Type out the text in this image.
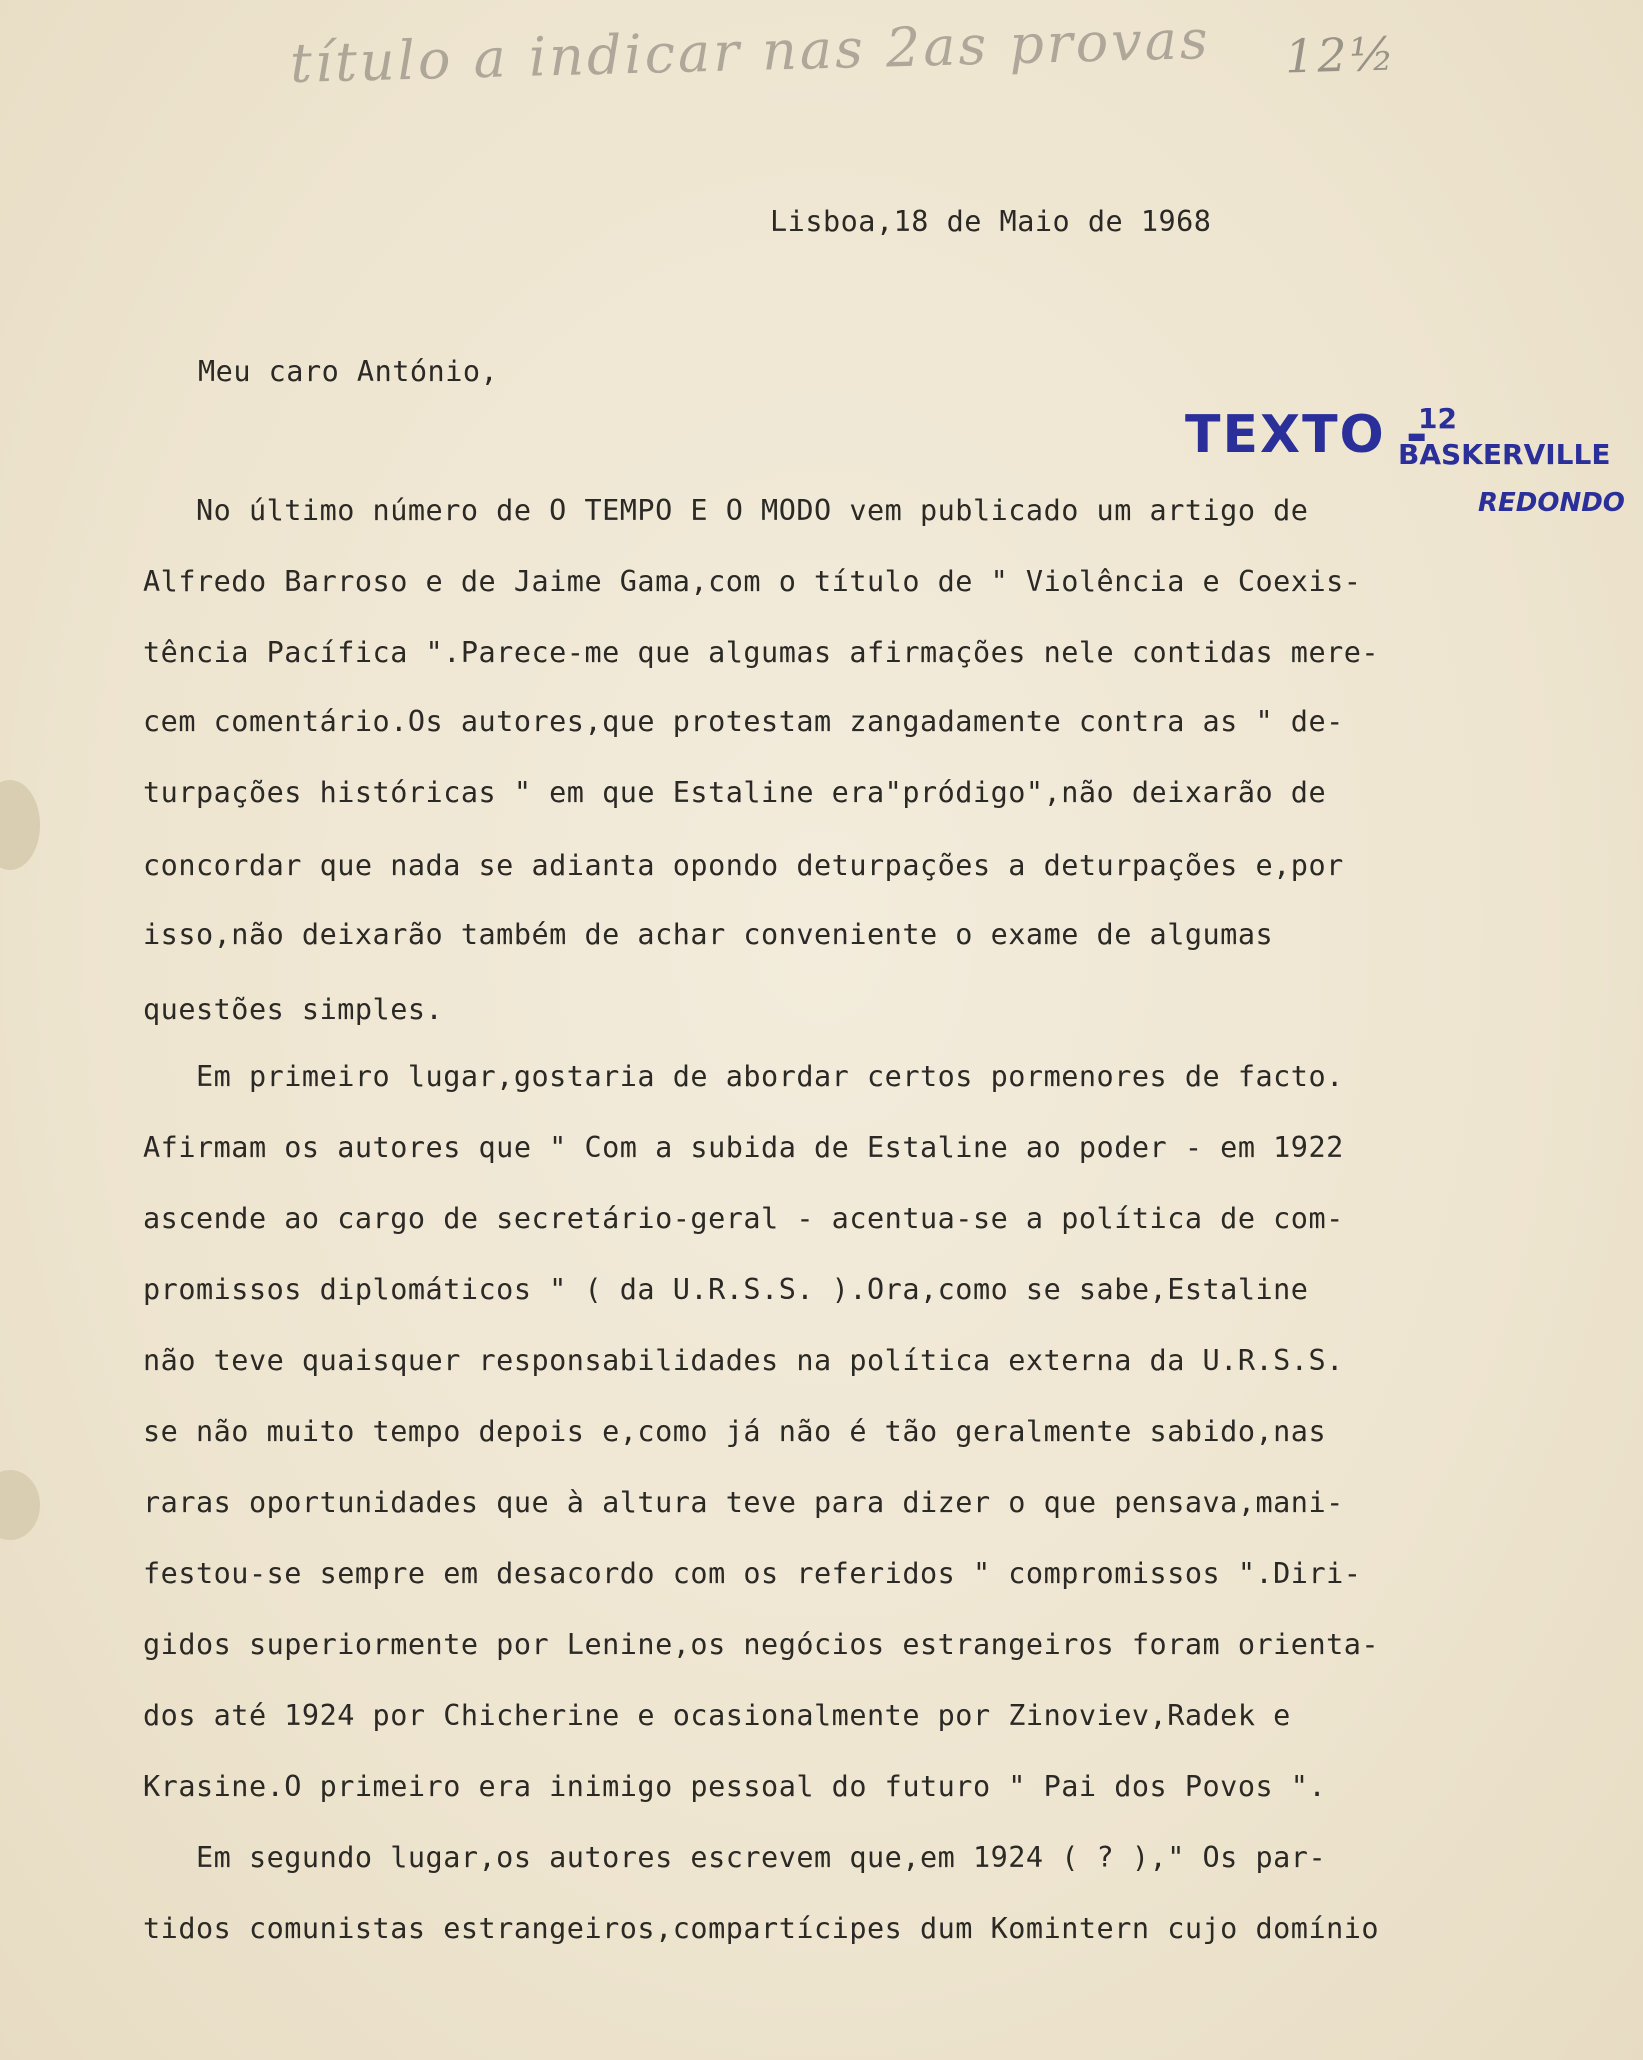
título a indicar nas 2as provas 12½
TEXTO -
12
BASKERVILLE
REDONDO
Lisboa,18 de Maio de 1968
Meu caro António,
No último número de O TEMPO E O MODO vem publicado um artigo de
Alfredo Barroso e de Jaime Gama,com o título de " Violência e Coexis-
tência Pacífica ".Parece-me que algumas afirmações nele contidas mere-
cem comentário.Os autores,que protestam zangadamente contra as " de-
turpações históricas " em que Estaline era"pródigo",não deixarão de
concordar que nada se adianta opondo deturpações a deturpações e,por
isso,não deixarão também de achar conveniente o exame de algumas
questões simples.
Em primeiro lugar,gostaria de abordar certos pormenores de facto.
Afirmam os autores que " Com a subida de Estaline ao poder - em 1922
ascende ao cargo de secretário-geral - acentua-se a política de com-
promissos diplomáticos " ( da U.R.S.S. ).Ora,como se sabe,Estaline
não teve quaisquer responsabilidades na política externa da U.R.S.S.
se não muito tempo depois e,como já não é tão geralmente sabido,nas
raras oportunidades que à altura teve para dizer o que pensava,mani-
festou-se sempre em desacordo com os referidos " compromissos ".Diri-
gidos superiormente por Lenine,os negócios estrangeiros foram orienta-
dos até 1924 por Chicherine e ocasionalmente por Zinoviev,Radek e
Krasine.O primeiro era inimigo pessoal do futuro " Pai dos Povos ".
Em segundo lugar,os autores escrevem que,em 1924 ( ? )," Os par-
tidos comunistas estrangeiros,compartícipes dum Komintern cujo domínio
